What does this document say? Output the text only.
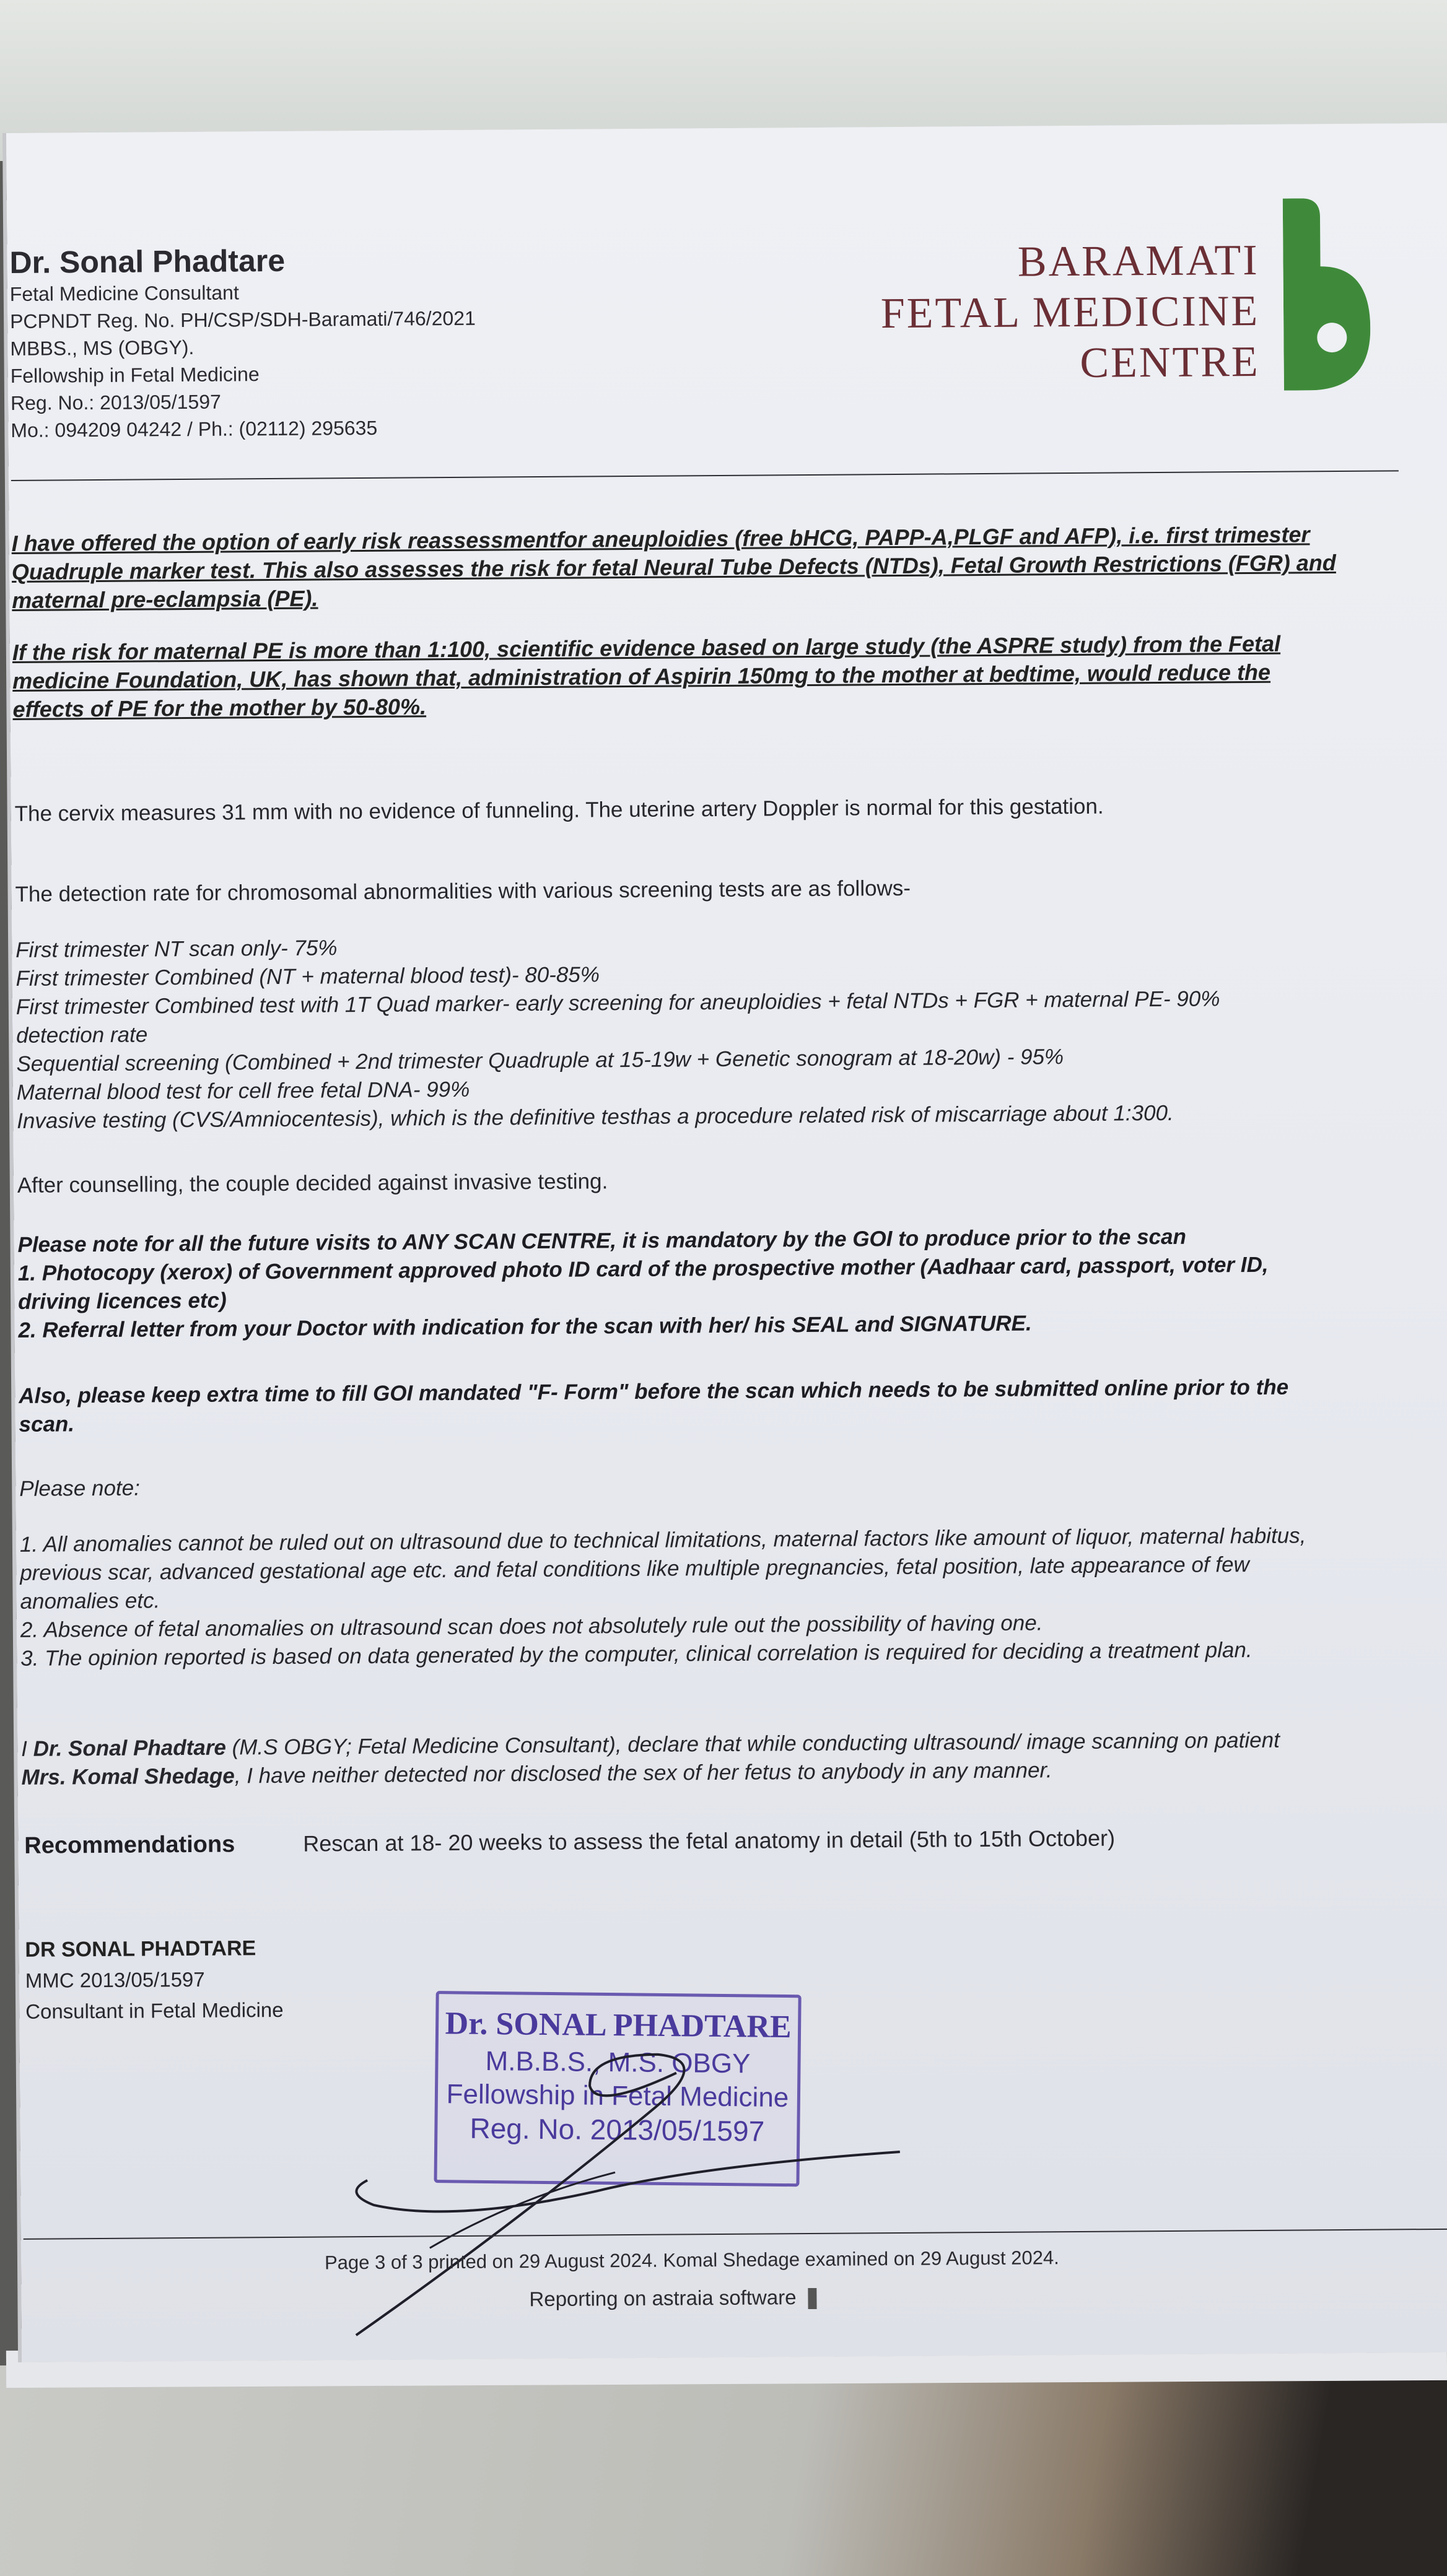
Dr. Sonal Phadtare
Fetal Medicine Consultant
PCPNDT Reg. No. PH/CSP/SDH-Baramati/746/2021
MBBS., MS (OBGY).
Fellowship in Fetal Medicine
Reg. No.: 2013/05/1597
Mo.: 094209 04242 / Ph.: (02112) 295635
BARAMATI
FETAL MEDICINE
CENTRE
I have offered the option of early risk reassessmentfor aneuploidies (free bHCG, PAPP-A,PLGF and AFP), i.e. first trimester
Quadruple marker test. This also assesses the risk for fetal Neural Tube Defects (NTDs), Fetal Growth Restrictions (FGR) and
maternal pre-eclampsia (PE).
If the risk for maternal PE is more than 1:100, scientific evidence based on large study (the ASPRE study) from the Fetal
medicine Foundation, UK, has shown that, administration of Aspirin 150mg to the mother at bedtime, would reduce the
effects of PE for the mother by 50-80%.
The cervix measures 31 mm with no evidence of funneling. The uterine artery Doppler is normal for this gestation.
The detection rate for chromosomal abnormalities with various screening tests are as follows-
First trimester NT scan only- 75%
First trimester Combined (NT + maternal blood test)- 80-85%
First trimester Combined test with 1T Quad marker- early screening for aneuploidies + fetal NTDs + FGR + maternal PE- 90%
detection rate
Sequential screening (Combined + 2nd trimester Quadruple at 15-19w + Genetic sonogram at 18-20w) - 95%
Maternal blood test for cell free fetal DNA- 99%
Invasive testing (CVS/Amniocentesis), which is the definitive testhas a procedure related risk of miscarriage about 1:300.
After counselling, the couple decided against invasive testing.
Please note for all the future visits to ANY SCAN CENTRE, it is mandatory by the GOI to produce prior to the scan
1. Photocopy (xerox) of Government approved photo ID card of the prospective mother (Aadhaar card, passport, voter ID,
driving licences etc)
2. Referral letter from your Doctor with indication for the scan with her/ his SEAL and SIGNATURE.
Also, please keep extra time to fill GOI mandated "F- Form" before the scan which needs to be submitted online prior to the
scan.
Please note:
1. All anomalies cannot be ruled out on ultrasound due to technical limitations, maternal factors like amount of liquor, maternal habitus,
previous scar, advanced gestational age etc. and fetal conditions like multiple pregnancies, fetal position, late appearance of few
anomalies etc.
2. Absence of fetal anomalies on ultrasound scan does not absolutely rule out the possibility of having one.
3. The opinion reported is based on data generated by the computer, clinical correlation is required for deciding a treatment plan.
I Dr. Sonal Phadtare (M.S OBGY; Fetal Medicine Consultant), declare that while conducting ultrasound/ image scanning on patient
Mrs. Komal Shedage, I have neither detected nor disclosed the sex of her fetus to anybody in any manner.
Recommendations	Rescan at 18- 20 weeks to assess the fetal anatomy in detail (5th to 15th October)
DR SONAL PHADTARE
MMC 2013/05/1597
Consultant in Fetal Medicine	Dr. SONAL PHADTARE
M.B.B.S., M.S. OBGY
Fellowship in Fetal Medicine
Reg. No. 2013/05/1597
Page 3 of 3 printed on 29 August 2024. Komal Shedage examined on 29 August 2024.
Reporting on astraia software
